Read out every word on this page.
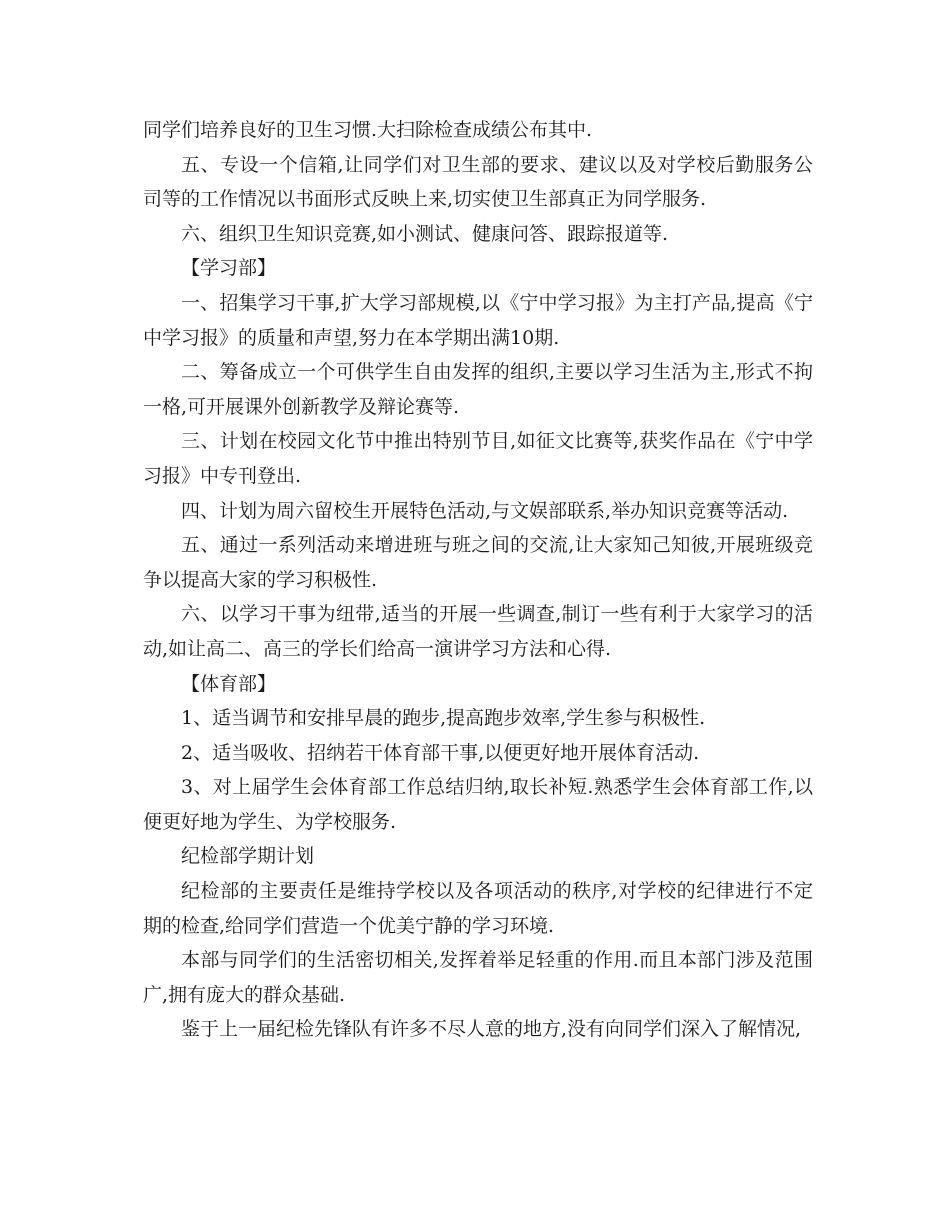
同学们培养良好的卫生习惯.大扫除检查成绩公布其中.

五、专设一个信箱,让同学们对卫生部的要求、建议以及对学校后勤服务公司等的工作情况以书面形式反映上来,切实使卫生部真正为同学服务.

六、组织卫生知识竞赛,如小测试、健康问答、跟踪报道等.

【学习部】

一、招集学习干事,扩大学习部规模,以《宁中学习报》为主打产品,提高《宁中学习报》的质量和声望,努力在本学期出满10期.

二、筹备成立一个可供学生自由发挥的组织,主要以学习生活为主,形式不拘一格,可开展课外创新教学及辩论赛等.

三、计划在校园文化节中推出特别节目,如征文比赛等,获奖作品在《宁中学习报》中专刊登出.

四、计划为周六留校生开展特色活动,与文娱部联系,举办知识竞赛等活动.

五、通过一系列活动来增进班与班之间的交流,让大家知己知彼,开展班级竞争以提高大家的学习积极性.

六、以学习干事为纽带,适当的开展一些调查,制订一些有利于大家学习的活动,如让高二、高三的学长们给高一演讲学习方法和心得.

【体育部】

1、适当调节和安排早晨的跑步,提高跑步效率,学生参与积极性.

2、适当吸收、招纳若干体育部干事,以便更好地开展体育活动.

3、对上届学生会体育部工作总结归纳,取长补短.熟悉学生会体育部工作,以便更好地为学生、为学校服务.

纪检部学期计划

纪检部的主要责任是维持学校以及各项活动的秩序,对学校的纪律进行不定期的检查,给同学们营造一个优美宁静的学习环境.

本部与同学们的生活密切相关,发挥着举足轻重的作用.而且本部门涉及范围广,拥有庞大的群众基础.

鉴于上一届纪检先锋队有许多不尽人意的地方,没有向同学们深入了解情况,
